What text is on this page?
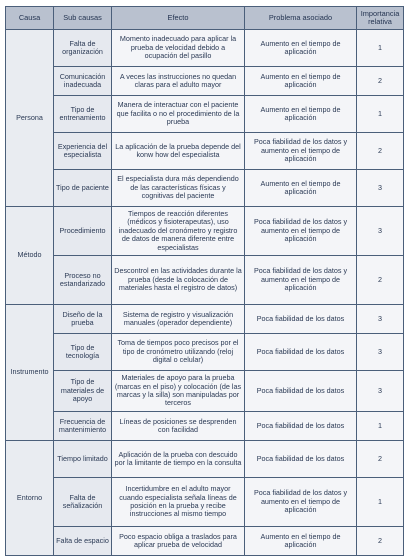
Causa	Sub causas	Efecto	Problema asociado	Importancia relativa
Persona	Falta de organización	Momento inadecuado para aplicar la prueba de velocidad debido a ocupación del pasillo	Aumento en el tiempo de aplicación	1
	Comunicación inadecuada	A veces las instrucciones no quedan claras para el adulto mayor	Aumento en el tiempo de aplicación	2
	Tipo de entrenamiento	Manera de interactuar con el paciente que facilita o no el procedimiento de la prueba	Aumento en el tiempo de aplicación	1
	Experiencia del especialista	La aplicación de la prueba depende del konw how del especialista	Poca fiabilidad de los datos y aumento en el tiempo de aplicación	2
	Tipo de paciente	El especialista dura más dependiendo de las características físicas y cognitivas del paciente	Aumento en el tiempo de aplicación	3
Método	Procedimiento	Tiempos de reacción diferentes (médicos y fisioterapeutas), uso inadecuado del cronómetro y registro de datos de manera diferente entre especialistas	Poca fiabilidad de los datos y aumento en el tiempo de aplicación	3
	Proceso no estandarizado	Descontrol en las actividades durante la prueba (desde la colocación de materiales hasta el registro de datos)	Poca fiabilidad de los datos y aumento en el tiempo de aplicación	2
Instrumento	Diseño de la prueba	Sistema de registro y visualización manuales (operador dependiente)	Poca fiabilidad de los datos	3
	Tipo de tecnología	Toma de tiempos poco precisos por el tipo de cronómetro utilizando (reloj digital o celular)	Poca fiabilidad de los datos	3
	Tipo de materiales de apoyo	Materiales de apoyo para la prueba (marcas en el piso) y colocación (de las marcas y la silla) son manipuladas por terceros	Poca fiabilidad de los datos	3
	Frecuencia de mantenimiento	Líneas de posiciones se desprenden con facilidad	Poca fiabilidad de los datos	1
Entorno	Tiempo limitado	Aplicación de la prueba con descuido por la limitante de tiempo en la consulta	Poca fiabilidad de los datos	2
	Falta de señalización	Incertidumbre en el adulto mayor cuando especialista señala líneas de posición en la prueba y recibe instrucciones al mismo tiempo	Poca fiabilidad de los datos y aumento en el tiempo de aplicación	1
	Falta de espacio	Poco espacio obliga a traslados para aplicar prueba de velocidad	Aumento en el tiempo de aplicación	2
